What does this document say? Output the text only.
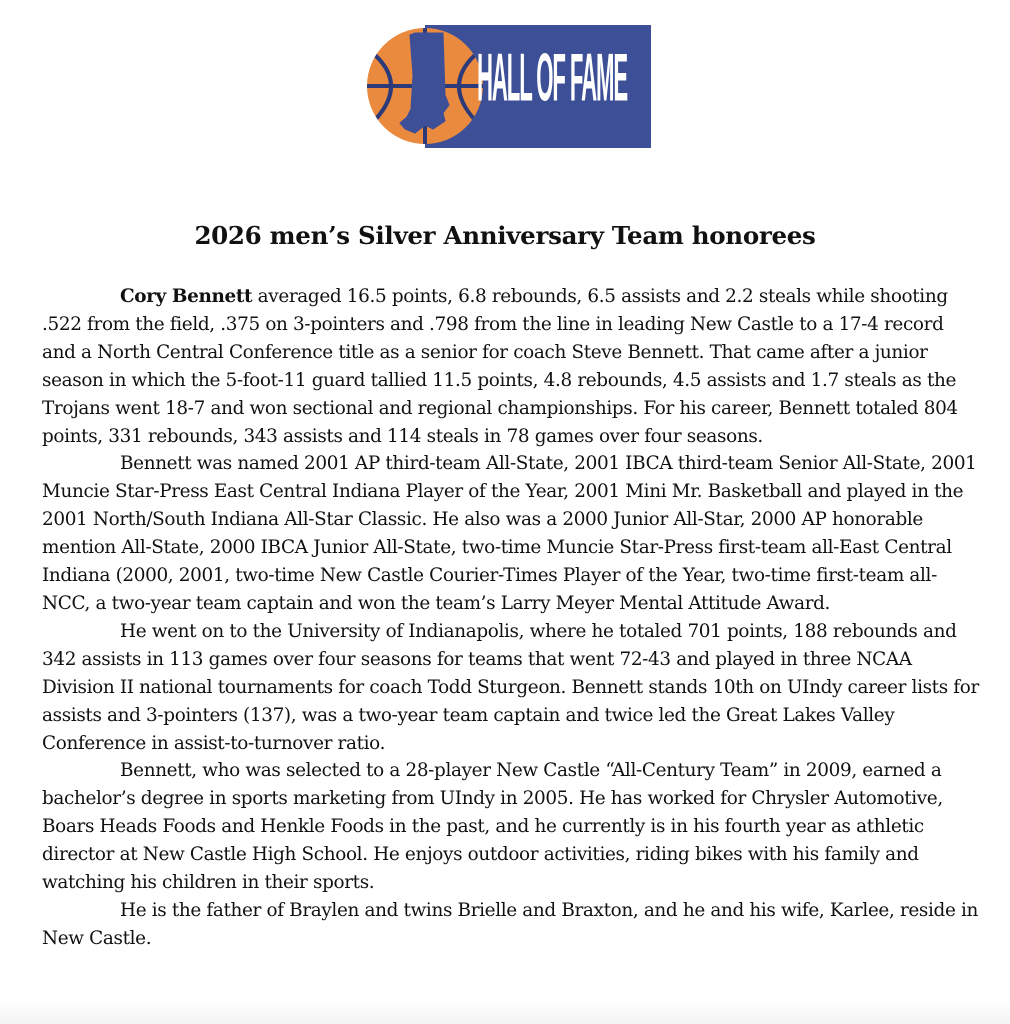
HALL OF FAME
2026 men’s Silver Anniversary Team honorees

Cory Bennett averaged 16.5 points, 6.8 rebounds, 6.5 assists and 2.2 steals while shooting .522 from the field, .375 on 3-pointers and .798 from the line in leading New Castle to a 17-4 record and a North Central Conference title as a senior for coach Steve Bennett. That came after a junior season in which the 5-foot-11 guard tallied 11.5 points, 4.8 rebounds, 4.5 assists and 1.7 steals as the Trojans went 18-7 and won sectional and regional championships. For his career, Bennett totaled 804 points, 331 rebounds, 343 assists and 114 steals in 78 games over four seasons.

Bennett was named 2001 AP third-team All-State, 2001 IBCA third-team Senior All-State, 2001 Muncie Star-Press East Central Indiana Player of the Year, 2001 Mini Mr. Basketball and played in the 2001 North/South Indiana All-Star Classic. He also was a 2000 Junior All-Star, 2000 AP honorable mention All-State, 2000 IBCA Junior All-State, two-time Muncie Star-Press first-team all-East Central Indiana (2000, 2001, two-time New Castle Courier-Times Player of the Year, two-time first-team all-NCC, a two-year team captain and won the team’s Larry Meyer Mental Attitude Award.

He went on to the University of Indianapolis, where he totaled 701 points, 188 rebounds and 342 assists in 113 games over four seasons for teams that went 72-43 and played in three NCAA Division II national tournaments for coach Todd Sturgeon. Bennett stands 10th on UIndy career lists for assists and 3-pointers (137), was a two-year team captain and twice led the Great Lakes Valley Conference in assist-to-turnover ratio.

Bennett, who was selected to a 28-player New Castle “All-Century Team” in 2009, earned a bachelor’s degree in sports marketing from UIndy in 2005. He has worked for Chrysler Automotive, Boars Heads Foods and Henkle Foods in the past, and he currently is in his fourth year as athletic director at New Castle High School. He enjoys outdoor activities, riding bikes with his family and watching his children in their sports.

He is the father of Braylen and twins Brielle and Braxton, and he and his wife, Karlee, reside in New Castle.
